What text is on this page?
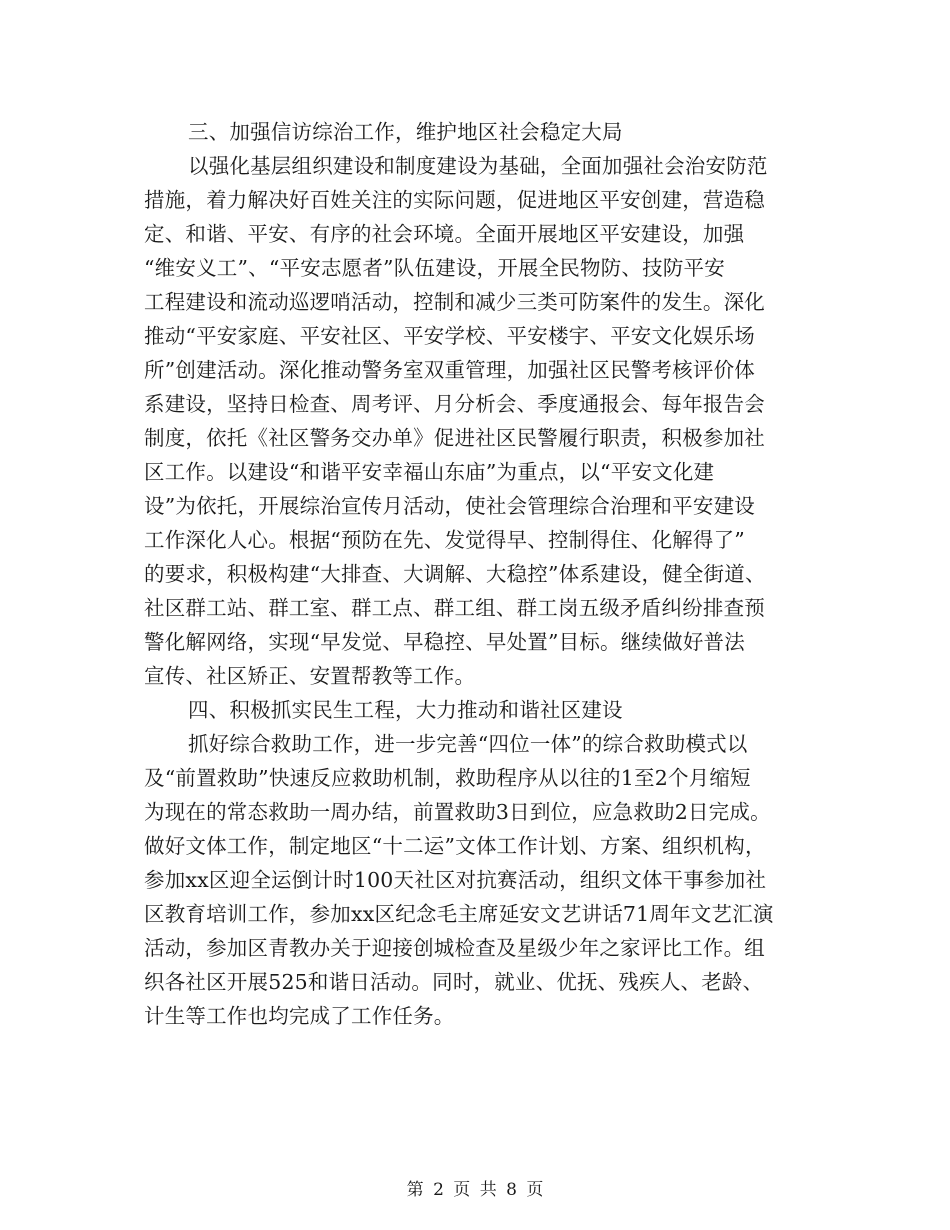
三、加强信访综治工作，维护地区社会稳定大局
以强化基层组织建设和制度建设为基础，全面加强社会治安防范
措施，着力解决好百姓关注的实际问题，促进地区平安创建，营造稳
定、和谐、平安、有序的社会环境。全面开展地区平安建设，加强
“维安义工”、“平安志愿者”队伍建设，开展全民物防、技防平安
工程建设和流动巡逻哨活动，控制和减少三类可防案件的发生。深化
推动“平安家庭、平安社区、平安学校、平安楼宇、平安文化娱乐场
所”创建活动。深化推动警务室双重管理，加强社区民警考核评价体
系建设，坚持日检查、周考评、月分析会、季度通报会、每年报告会
制度，依托《社区警务交办单》促进社区民警履行职责，积极参加社
区工作。以建设“和谐平安幸福山东庙”为重点，以“平安文化建
设”为依托，开展综治宣传月活动，使社会管理综合治理和平安建设
工作深化人心。根据“预防在先、发觉得早、控制得住、化解得了”
的要求，积极构建“大排查、大调解、大稳控”体系建设，健全街道、
社区群工站、群工室、群工点、群工组、群工岗五级矛盾纠纷排查预
警化解网络，实现“早发觉、早稳控、早处置”目标。继续做好普法
宣传、社区矫正、安置帮教等工作。
四、积极抓实民生工程，大力推动和谐社区建设
抓好综合救助工作，进一步完善“四位一体”的综合救助模式以
及“前置救助”快速反应救助机制，救助程序从以往的1至2个月缩短
为现在的常态救助一周办结，前置救助3日到位，应急救助2日完成。
做好文体工作，制定地区“十二运”文体工作计划、方案、组织机构，
参加xx区迎全运倒计时100天社区对抗赛活动，组织文体干事参加社
区教育培训工作，参加xx区纪念毛主席延安文艺讲话71周年文艺汇演
活动，参加区青教办关于迎接创城检查及星级少年之家评比工作。组
织各社区开展525和谐日活动。同时，就业、优抚、残疾人、老龄、
计生等工作也均完成了工作任务。
第 2 页 共 8 页
